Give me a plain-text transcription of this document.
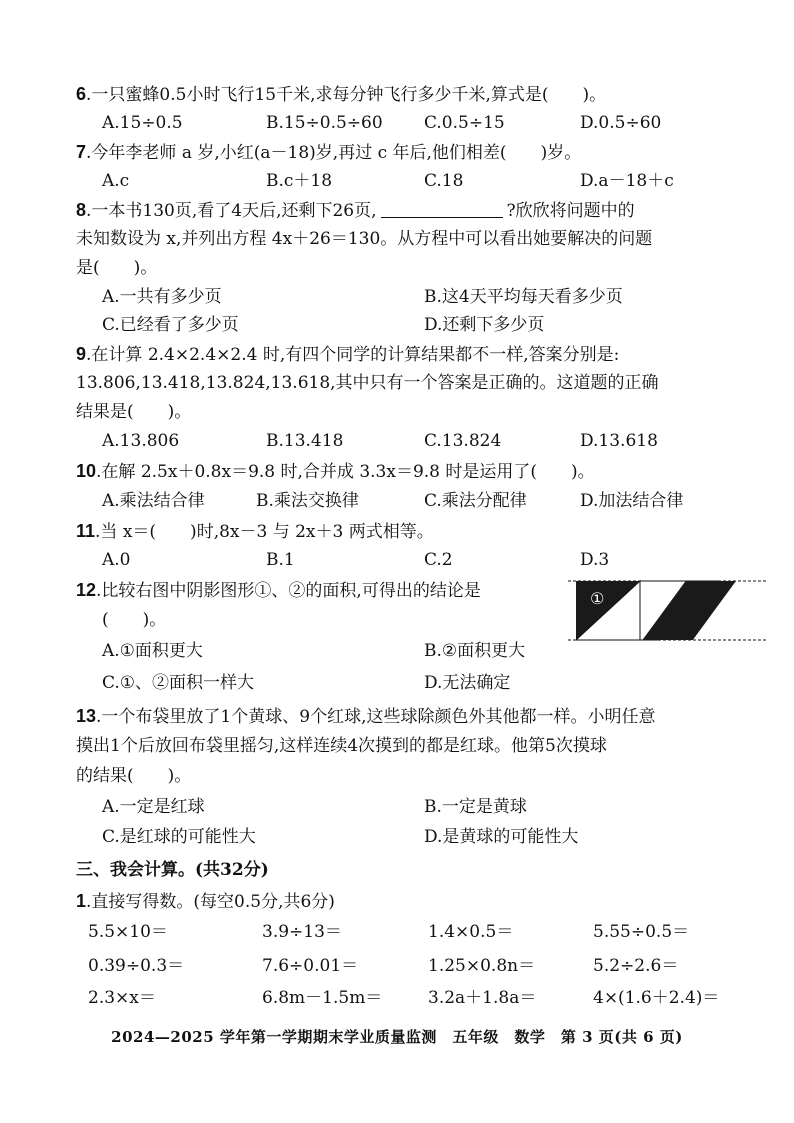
6.一只蜜蜂0.5小时飞行15千米,求每分钟飞行多少千米,算式是(　　)。
A.15÷0.5	B.15÷0.5÷60 C.0.5÷15	D.0.5÷60
7.今年李老师 a 岁,小红(a－18)岁,再过 c 年后,他们相差(　　)岁。
A.c	B.c＋18	C.18	D.a－18＋c
8.一本书130页,看了4天后,还剩下26页,	?欣欣将问题中的
未知数设为 x,并列出方程 4x＋26＝130。从方程中可以看出她要解决的问题
是(　　)。
A.一共有多少页	B.这4天平均每天看多少页
C.已经看了多少页	D.还剩下多少页
9.在计算 2.4×2.4×2.4 时,有四个同学的计算结果都不一样,答案分别是:
13.806,13.418,13.824,13.618,其中只有一个答案是正确的。这道题的正确
结果是(　　)。
A.13.806	B.13.418	C.13.824	D.13.618
10.在解 2.5x＋0.8x＝9.8 时,合并成 3.3x＝9.8 时是运用了(　　)。
A.乘法结合律	B.乘法交换律	C.乘法分配律	D.加法结合律
11.当 x＝(　　)时,8x－3 与 2x＋3 两式相等。
A.0	B.1	C.2	D.3
12.比较右图中阴影图形①、②的面积,可得出的结论是
(　　)。
A.①面积更大	B.②面积更大
C.①、②面积一样大	D.无法确定
①	②
13.一个布袋里放了1个黄球、9个红球,这些球除颜色外其他都一样。小明任意
摸出1个后放回布袋里摇匀,这样连续4次摸到的都是红球。他第5次摸球
的结果(　　)。
A.一定是红球	B.一定是黄球
C.是红球的可能性大	D.是黄球的可能性大
三、我会计算。(共32分)
1.直接写得数。(每空0.5分,共6分)
5.5×10＝	3.9÷13＝	1.4×0.5＝	5.55÷0.5＝
0.39÷0.3＝	7.6÷0.01＝	1.25×0.8n＝	5.2÷2.6＝
2.3×x＝	6.8m－1.5m＝	3.2a＋1.8a＝	4×(1.6＋2.4)＝
2024—2025 学年第一学期期末学业质量监测　五年级　数学　第 3 页(共 6 页)
